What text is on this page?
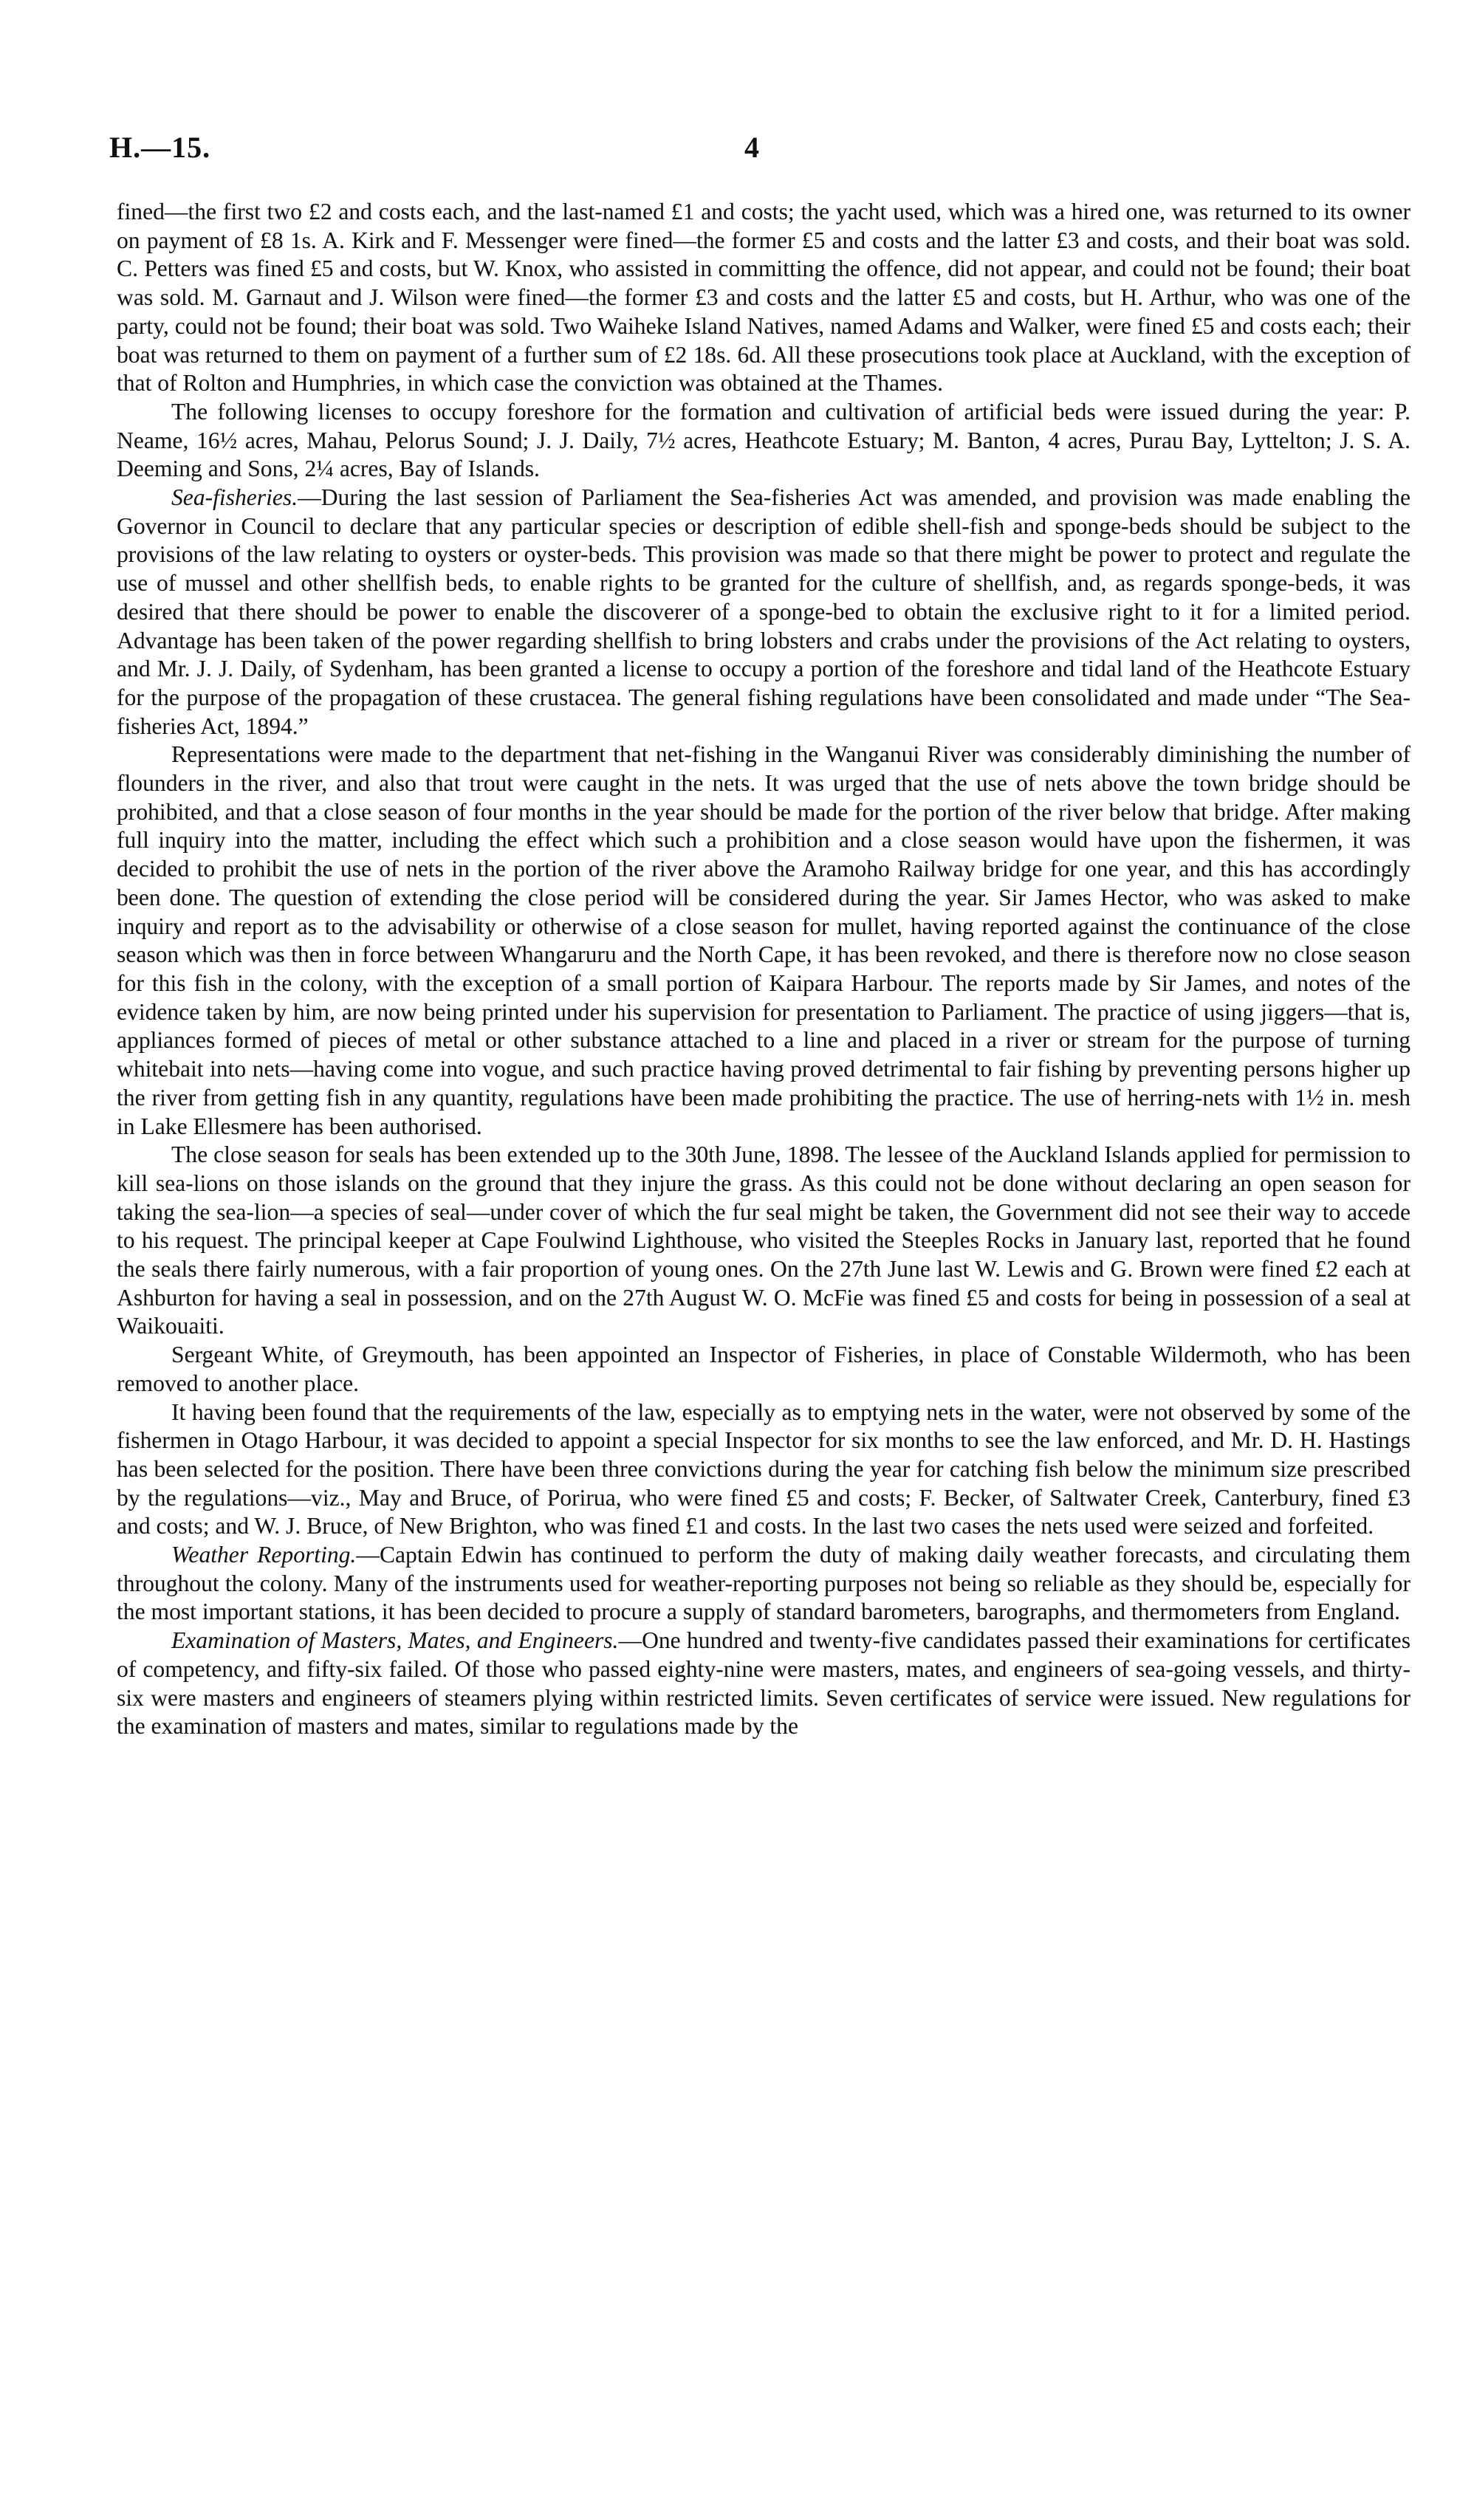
H.—15.	4

fined—the first two £2 and costs each, and the last-named £1 and costs; the yacht used, which was a hired one, was returned to its owner on payment of £8 1s. A. Kirk and F. Messenger were fined—the former £5 and costs and the latter £3 and costs, and their boat was sold. C. Petters was fined £5 and costs, but W. Knox, who assisted in committing the offence, did not appear, and could not be found; their boat was sold. M. Garnaut and J. Wilson were fined—the former £3 and costs and the latter £5 and costs, but H. Arthur, who was one of the party, could not be found; their boat was sold. Two Waiheke Island Natives, named Adams and Walker, were fined £5 and costs each; their boat was returned to them on payment of a further sum of £2 18s. 6d. All these prosecutions took place at Auckland, with the exception of that of Rolton and Humphries, in which case the conviction was obtained at the Thames.

The following licenses to occupy foreshore for the formation and cultivation of artificial beds were issued during the year: P. Neame, 16½ acres, Mahau, Pelorus Sound; J. J. Daily, 7½ acres, Heathcote Estuary; M. Banton, 4 acres, Purau Bay, Lyttelton; J. S. A. Deeming and Sons, 2¼ acres, Bay of Islands.

Sea-fisheries.—During the last session of Parliament the Sea-fisheries Act was amended, and provision was made enabling the Governor in Council to declare that any particular species or description of edible shell-fish and sponge-beds should be subject to the provisions of the law relating to oysters or oyster-beds. This provision was made so that there might be power to protect and regulate the use of mussel and other shellfish beds, to enable rights to be granted for the culture of shellfish, and, as regards sponge-beds, it was desired that there should be power to enable the discoverer of a sponge-bed to obtain the exclusive right to it for a limited period. Advantage has been taken of the power regarding shellfish to bring lobsters and crabs under the provisions of the Act relating to oysters, and Mr. J. J. Daily, of Sydenham, has been granted a license to occupy a portion of the foreshore and tidal land of the Heathcote Estuary for the purpose of the propagation of these crustacea. The general fishing regulations have been consolidated and made under “The Sea-fisheries Act, 1894.”

Representations were made to the department that net-fishing in the Wanganui River was considerably diminishing the number of flounders in the river, and also that trout were caught in the nets. It was urged that the use of nets above the town bridge should be prohibited, and that a close season of four months in the year should be made for the portion of the river below that bridge. After making full inquiry into the matter, including the effect which such a prohibition and a close season would have upon the fishermen, it was decided to prohibit the use of nets in the portion of the river above the Aramoho Railway bridge for one year, and this has accordingly been done. The question of extending the close period will be considered during the year. Sir James Hector, who was asked to make inquiry and report as to the advisability or otherwise of a close season for mullet, having reported against the continuance of the close season which was then in force between Whangaruru and the North Cape, it has been revoked, and there is therefore now no close season for this fish in the colony, with the exception of a small portion of Kaipara Harbour. The reports made by Sir James, and notes of the evidence taken by him, are now being printed under his supervision for presentation to Parliament. The practice of using jiggers—that is, appliances formed of pieces of metal or other substance attached to a line and placed in a river or stream for the purpose of turning whitebait into nets—having come into vogue, and such practice having proved detrimental to fair fishing by preventing persons higher up the river from getting fish in any quantity, regulations have been made prohibiting the practice. The use of herring-nets with 1½ in. mesh in Lake Ellesmere has been authorised.

The close season for seals has been extended up to the 30th June, 1898. The lessee of the Auckland Islands applied for permission to kill sea-lions on those islands on the ground that they injure the grass. As this could not be done without declaring an open season for taking the sea-lion—a species of seal—under cover of which the fur seal might be taken, the Government did not see their way to accede to his request. The principal keeper at Cape Foulwind Lighthouse, who visited the Steeples Rocks in January last, reported that he found the seals there fairly numerous, with a fair proportion of young ones. On the 27th June last W. Lewis and G. Brown were fined £2 each at Ashburton for having a seal in possession, and on the 27th August W. O. McFie was fined £5 and costs for being in possession of a seal at Waikouaiti.

Sergeant White, of Greymouth, has been appointed an Inspector of Fisheries, in place of Constable Wildermoth, who has been removed to another place.

It having been found that the requirements of the law, especially as to emptying nets in the water, were not observed by some of the fishermen in Otago Harbour, it was decided to appoint a special Inspector for six months to see the law enforced, and Mr. D. H. Hastings has been selected for the position. There have been three convictions during the year for catching fish below the minimum size prescribed by the regulations—viz., May and Bruce, of Porirua, who were fined £5 and costs; F. Becker, of Saltwater Creek, Canterbury, fined £3 and costs; and W. J. Bruce, of New Brighton, who was fined £1 and costs. In the last two cases the nets used were seized and forfeited.

Weather Reporting.—Captain Edwin has continued to perform the duty of making daily weather forecasts, and circulating them throughout the colony. Many of the instruments used for weather-reporting purposes not being so reliable as they should be, especially for the most important stations, it has been decided to procure a supply of standard barometers, barographs, and thermometers from England.

Examination of Masters, Mates, and Engineers.—One hundred and twenty-five candidates passed their examinations for certificates of competency, and fifty-six failed. Of those who passed eighty-nine were masters, mates, and engineers of sea-going vessels, and thirty-six were masters and engineers of steamers plying within restricted limits. Seven certificates of service were issued. New regulations for the examination of masters and mates, similar to regulations made by the
